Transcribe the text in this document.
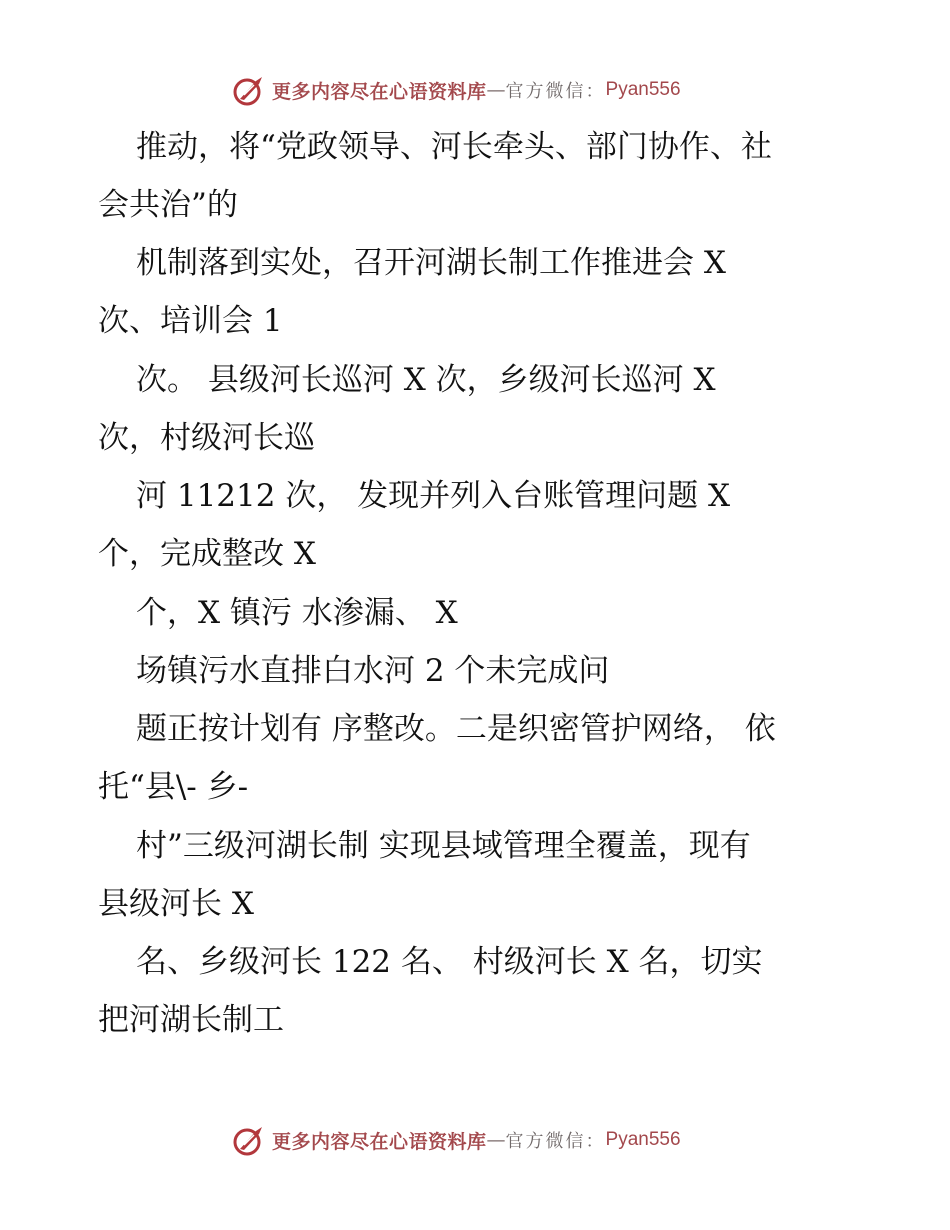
更多内容尽在心语资料库 — 官方微信： Pyan556
推动，将“党政领导、河长牵头、部门协作、社
会共治”的
机制落到实处，召开河湖长制工作推进会 X
次、培训会 1
次。 县级河长巡河 X 次，乡级河长巡河 X
次，村级河长巡
河 11212 次， 发现并列入台账管理问题 X
个，完成整改 X
个，X 镇污 水渗漏、 X
场镇污水直排白水河 2 个未完成问
题正按计划有 序整改。二是织密管护网络， 依
托“县\- 乡-
村”三级河湖长制 实现县域管理全覆盖，现有
县级河长 X
名、乡级河长 122 名、 村级河长 X 名，切实
把河湖长制工
更多内容尽在心语资料库 — 官方微信： Pyan556
